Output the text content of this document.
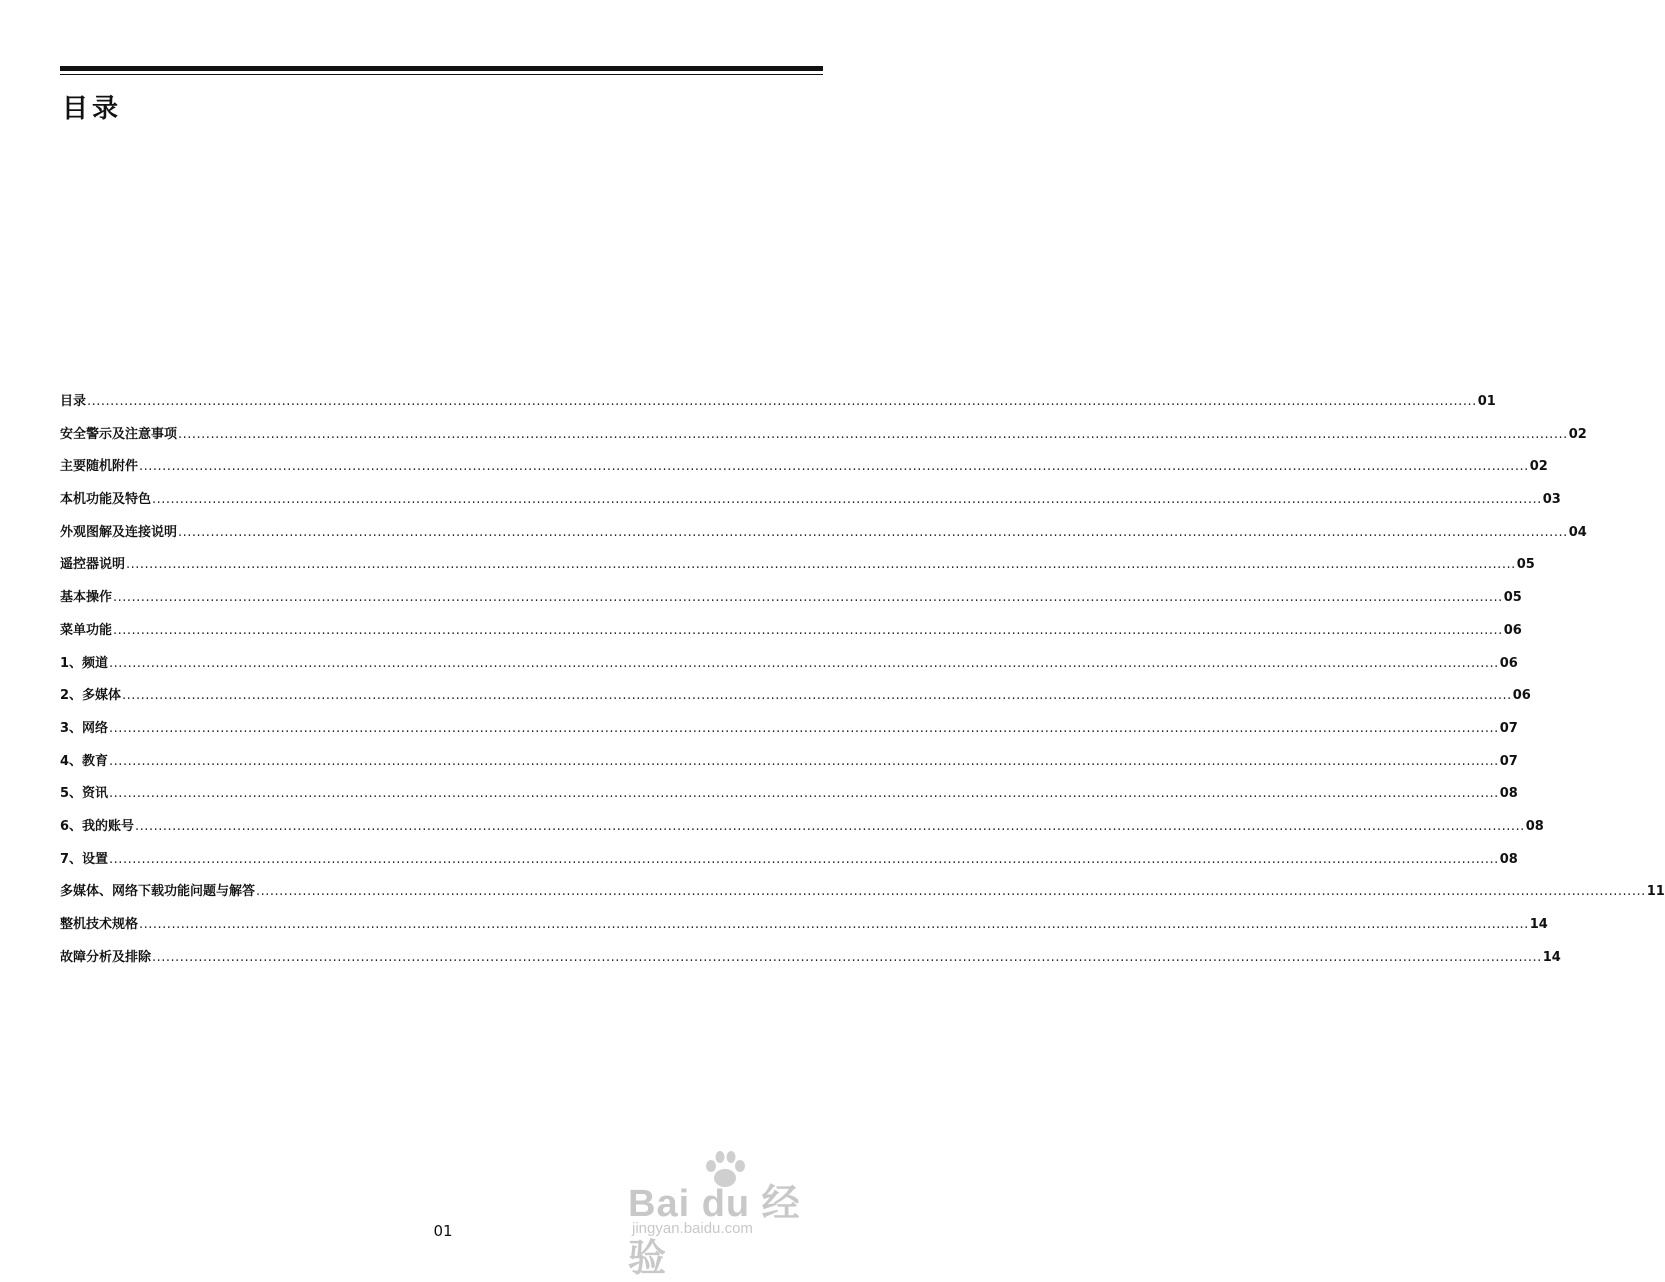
目录
目录 ............................................................................................................................................................................................................................................................................................................ 01
安全警示及注意事项 ............................................................................................................................................................................................................................................................................................................ 02
主要随机附件 ............................................................................................................................................................................................................................................................................................................ 02
本机功能及特色 ............................................................................................................................................................................................................................................................................................................ 03
外观图解及连接说明 ............................................................................................................................................................................................................................................................................................................ 04
遥控器说明 ............................................................................................................................................................................................................................................................................................................ 05
基本操作 ............................................................................................................................................................................................................................................................................................................ 05
菜单功能 ............................................................................................................................................................................................................................................................................................................ 06
1、频道 ............................................................................................................................................................................................................................................................................................................ 06
2、多媒体 ............................................................................................................................................................................................................................................................................................................ 06
3、网络 ............................................................................................................................................................................................................................................................................................................ 07
4、教育 ............................................................................................................................................................................................................................................................................................................ 07
5、资讯 ............................................................................................................................................................................................................................................................................................................ 08
6、我的账号 ............................................................................................................................................................................................................................................................................................................ 08
7、设置 ............................................................................................................................................................................................................................................................................................................ 08
多媒体、网络下载功能问题与解答 ............................................................................................................................................................................................................................................................................................................ 11
整机技术规格 ............................................................................................................................................................................................................................................................................................................ 14
故障分析及排除 ............................................................................................................................................................................................................................................................................................................ 14
01
Bai du 经验
jingyan.baidu.com
